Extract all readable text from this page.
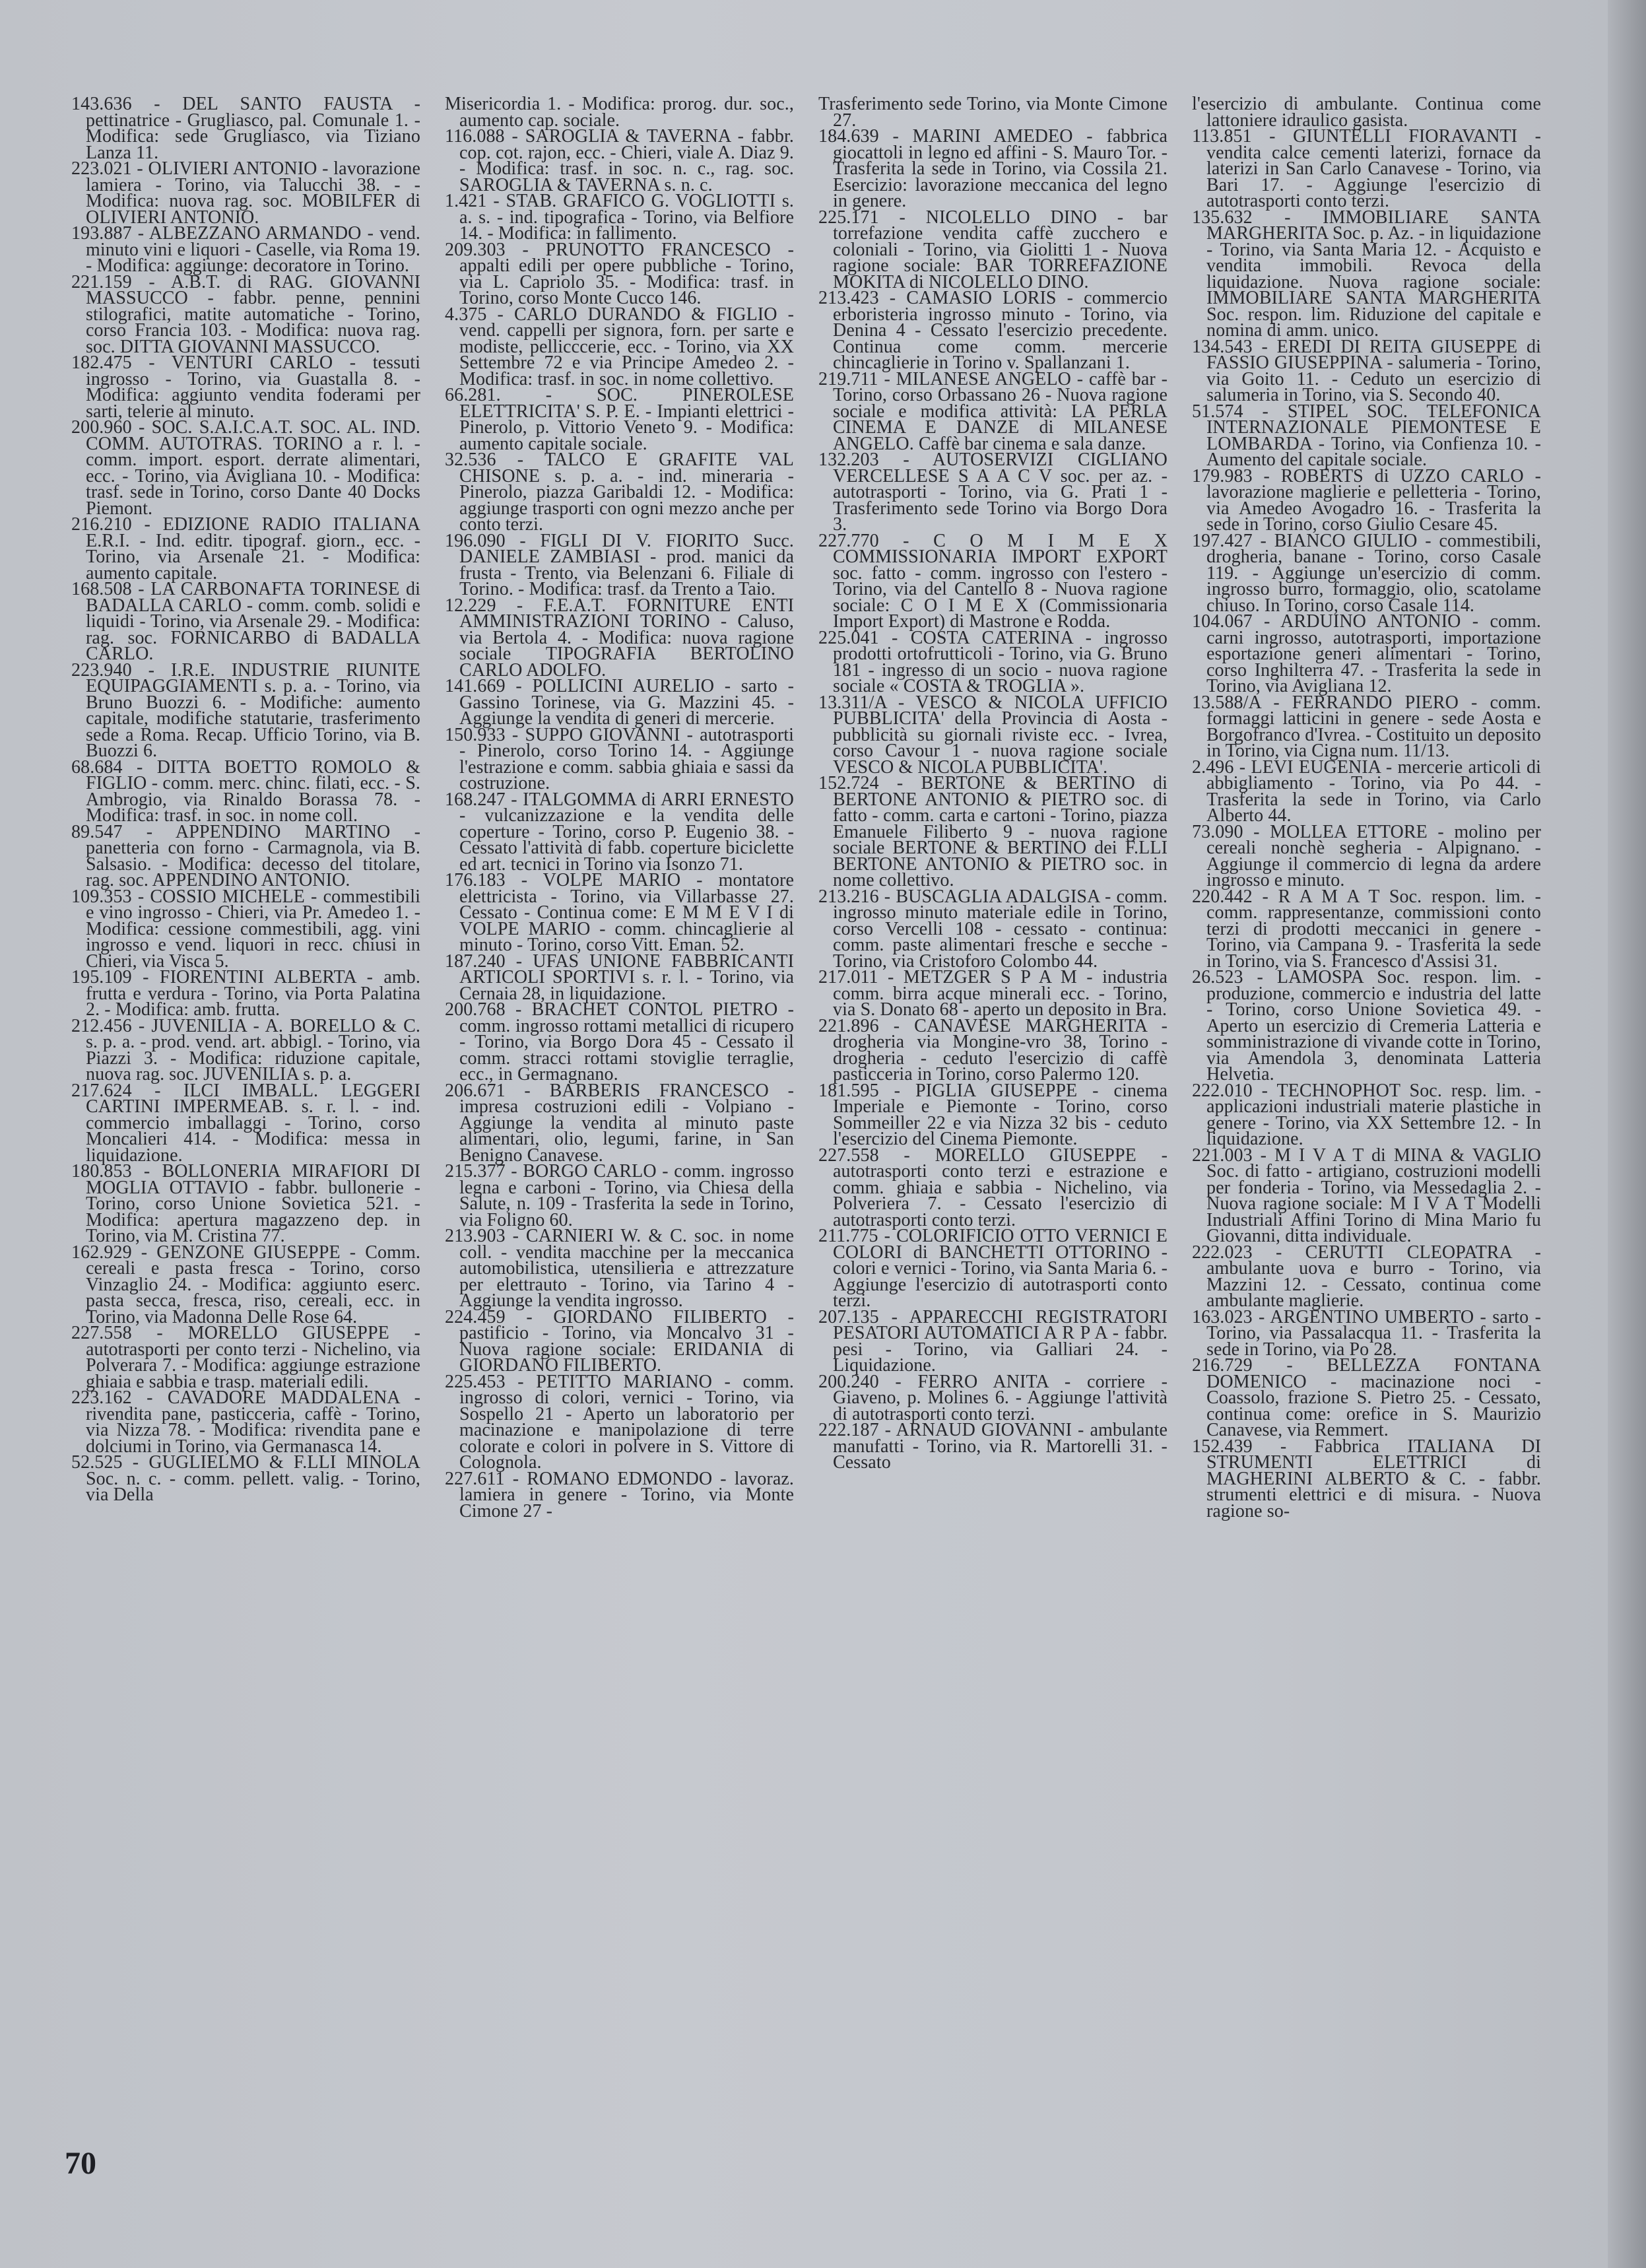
143.636 - DEL SANTO FAUSTA - pettinatrice - Grugliasco, pal. Comunale 1. - Modifica: sede Grugliasco, via Tiziano Lanza 11.

223.021 - OLIVIERI ANTONIO - lavorazione lamiera - Torino, via Talucchi 38. - - Modifica: nuova rag. soc. MOBILFER di OLIVIERI ANTONIO.

193.887 - ALBEZZANO ARMANDO - vend. minuto vini e liquori - Caselle, via Roma 19. - Modifica: aggiunge: decoratore in Torino.

221.159 - A.B.T. di RAG. GIOVANNI MASSUCCO - fabbr. penne, pennini stilografici, matite automatiche - Torino, corso Francia 103. - Modifica: nuova rag. soc. DITTA GIOVANNI MASSUCCO.

182.475 - VENTURI CARLO - tessuti ingrosso - Torino, via Guastalla 8. - Modifica: aggiunto vendita foderami per sarti, telerie al minuto.

200.960 - SOC. S.A.I.C.A.T. SOC. AL. IND. COMM. AUTOTRAS. TORINO a r. l. - comm. import. esport. derrate alimentari, ecc. - Torino, via Avigliana 10. - Modifica: trasf. sede in Torino, corso Dante 40 Docks Piemont.

216.210 - EDIZIONE RADIO ITALIANA E.R.I. - Ind. editr. tipograf. giorn., ecc. - Torino, via Arsenale 21. - Modifica: aumento capitale.

168.508 - LA CARBONAFTA TORINESE di BADALLA CARLO - comm. comb. solidi e liquidi - Torino, via Arsenale 29. - Modifica: rag. soc. FORNICARBO di BADALLA CARLO.

223.940 - I.R.E. INDUSTRIE RIUNITE EQUIPAGGIAMENTI s. p. a. - Torino, via Bruno Buozzi 6. - Modifiche: aumento capitale, modifiche statutarie, trasferimento sede a Roma. Recap. Ufficio Torino, via B. Buozzi 6.

68.684 - DITTA BOETTO ROMOLO & FIGLIO - comm. merc. chinc. filati, ecc. - S. Ambrogio, via Rinaldo Borassa 78. - Modifica: trasf. in soc. in nome coll.

89.547 - APPENDINO MARTINO - panetteria con forno - Carmagnola, via B. Salsasio. - Modifica: decesso del titolare, rag. soc. APPENDINO ANTONIO.

109.353 - COSSIO MICHELE - commestibili e vino ingrosso - Chieri, via Pr. Amedeo 1. - Modifica: cessione commestibili, agg. vini ingrosso e vend. liquori in recc. chiusi in Chieri, via Visca 5.

195.109 - FIORENTINI ALBERTA - amb. frutta e verdura - Torino, via Porta Palatina 2. - Modifica: amb. frutta.

212.456 - JUVENILIA - A. BORELLO & C. s. p. a. - prod. vend. art. abbigl. - Torino, via Piazzi 3. - Modifica: riduzione capitale, nuova rag. soc. JUVENILIA s. p. a.

217.624 - ILCI IMBALL. LEGGERI CARTINI IMPERMEAB. s. r. l. - ind. commercio imballaggi - Torino, corso Moncalieri 414. - Modifica: messa in liquidazione.

180.853 - BOLLONERIA MIRAFIORI DI MOGLIA OTTAVIO - fabbr. bullonerie - Torino, corso Unione Sovietica 521. - Modifica: apertura magazzeno dep. in Torino, via M. Cristina 77.

162.929 - GENZONE GIUSEPPE - Comm. cereali e pasta fresca - Torino, corso Vinzaglio 24. - Modifica: aggiunto eserc. pasta secca, fresca, riso, cereali, ecc. in Torino, via Madonna Delle Rose 64.

227.558 - MORELLO GIUSEPPE - autotrasporti per conto terzi - Nichelino, via Polverara 7. - Modifica: aggiunge estrazione ghiaia e sabbia e trasp. materiali edili.

223.162 - CAVADORE MADDALENA - rivendita pane, pasticceria, caffè - Torino, via Nizza 78. - Modifica: rivendita pane e dolciumi in Torino, via Germanasca 14.

52.525 - GUGLIELMO & F.LLI MINOLA Soc. n. c. - comm. pellett. valig. - Torino, via Della

Misericordia 1. - Modifica: prorog. dur. soc., aumento cap. sociale.

116.088 - SAROGLIA & TAVERNA - fabbr. cop. cot. rajon, ecc. - Chieri, viale A. Diaz 9. - Modifica: trasf. in soc. n. c., rag. soc. SAROGLIA & TAVERNA s. n. c.

1.421 - STAB. GRAFICO G. VOGLIOTTI s. a. s. - ind. tipografica - Torino, via Belfiore 14. - Modifica: in fallimento.

209.303 - PRUNOTTO FRANCESCO - appalti edili per opere pubbliche - Torino, via L. Capriolo 35. - Modifica: trasf. in Torino, corso Monte Cucco 146.

4.375 - CARLO DURANDO & FIGLIO - vend. cappelli per signora, forn. per sarte e modiste, pellicccerie, ecc. - Torino, via XX Settembre 72 e via Principe Amedeo 2. - Modifica: trasf. in soc. in nome collettivo.

66.281. - SOC. PINEROLESE ELETTRICITA' S. P. E. - Impianti elettrici - Pinerolo, p. Vittorio Veneto 9. - Modifica: aumento capitale sociale.

32.536 - TALCO E GRAFITE VAL CHISONE s. p. a. - ind. mineraria - Pinerolo, piazza Garibaldi 12. - Modifica: aggiunge trasporti con ogni mezzo anche per conto terzi.

196.090 - FIGLI DI V. FIORITO Succ. DANIELE ZAMBIASI - prod. manici da frusta - Trento, via Belenzani 6. Filiale di Torino. - Modifica: trasf. da Trento a Taio.

12.229 - F.E.A.T. FORNITURE ENTI AMMINISTRAZIONI TORINO - Caluso, via Bertola 4. - Modifica: nuova ragione sociale TIPOGRAFIA BERTOLINO CARLO ADOLFO.

141.669 - POLLICINI AURELIO - sarto - Gassino Torinese, via G. Mazzini 45. - Aggiunge la vendita di generi di mercerie.

150.933 - SUPPO GIOVANNI - autotrasporti - Pinerolo, corso Torino 14. - Aggiunge l'estrazione e comm. sabbia ghiaia e sassi da costruzione.

168.247 - ITALGOMMA di ARRI ERNESTO - vulcanizzazione e la vendita delle coperture - Torino, corso P. Eugenio 38. - Cessato l'attività di fabb. coperture biciclette ed art. tecnici in Torino via Isonzo 71.

176.183 - VOLPE MARIO - montatore elettricista - Torino, via Villarbasse 27. Cessato - Continua come: E M M E V I di VOLPE MARIO - comm. chincaglierie al minuto - Torino, corso Vitt. Eman. 52.

187.240 - UFAS UNIONE FABBRICANTI ARTICOLI SPORTIVI s. r. l. - Torino, via Cernaia 28, in liquidazione.

200.768 - BRACHET CONTOL PIETRO - comm. ingrosso rottami metallici di ricupero - Torino, via Borgo Dora 45 - Cessato il comm. stracci rottami stoviglie terraglie, ecc., in Germagnano.

206.671 - BARBERIS FRANCESCO - impresa costruzioni edili - Volpiano - Aggiunge la vendita al minuto paste alimentari, olio, legumi, farine, in San Benigno Canavese.

215.377 - BORGO CARLO - comm. ingrosso legna e carboni - Torino, via Chiesa della Salute, n. 109 - Trasferita la sede in Torino, via Foligno 60.

213.903 - CARNIERI W. & C. soc. in nome coll. - vendita macchine per la meccanica automobilistica, utensilieria e attrezzature per elettrauto - Torino, via Tarino 4 - Aggiunge la vendita ingrosso.

224.459 - GIORDANO FILIBERTO - pastificio - Torino, via Moncalvo 31 - Nuova ragione sociale: ERIDANIA di GIORDANO FILIBERTO.

225.453 - PETITTO MARIANO - comm. ingrosso di colori, vernici - Torino, via Sospello 21 - Aperto un laboratorio per macinazione e manipolazione di terre colorate e colori in polvere in S. Vittore di Colognola.

227.611 - ROMANO EDMONDO - lavoraz. lamiera in genere - Torino, via Monte Cimone 27 -

Trasferimento sede Torino, via Monte Cimone 27.

184.639 - MARINI AMEDEO - fabbrica giocattoli in legno ed affini - S. Mauro Tor. - Trasferita la sede in Torino, via Cossila 21. Esercizio: lavorazione meccanica del legno in genere.

225.171 - NICOLELLO DINO - bar torrefazione vendita caffè zucchero e coloniali - Torino, via Giolitti 1 - Nuova ragione sociale: BAR TORREFAZIONE MOKITA di NICOLELLO DINO.

213.423 - CAMASIO LORIS - commercio erboristeria ingrosso minuto - Torino, via Denina 4 - Cessato l'esercizio precedente. Continua come comm. mercerie chincaglierie in Torino v. Spallanzani 1.

219.711 - MILANESE ANGELO - caffè bar - Torino, corso Orbassano 26 - Nuova ragione sociale e modifica attività: LA PERLA CINEMA E DANZE di MILANESE ANGELO. Caffè bar cinema e sala danze.

132.203 - AUTOSERVIZI CIGLIANO VERCELLESE S A A C V soc. per az. - autotrasporti - Torino, via G. Prati 1 - Trasferimento sede Torino via Borgo Dora 3.

227.770 - C O M I M E X COMMISSIONARIA IMPORT EXPORT soc. fatto - comm. ingrosso con l'estero - Torino, via del Cantello 8 - Nuova ragione sociale: C O I M E X (Commissionaria Import Export) di Mastrone e Rodda.

225.041 - COSTA CATERINA - ingrosso prodotti ortofrutticoli - Torino, via G. Bruno 181 - ingresso di un socio - nuova ragione sociale « COSTA & TROGLIA ».

13.311/A - VESCO & NICOLA UFFICIO PUBBLICITA' della Provincia di Aosta - pubblicità su giornali riviste ecc. - Ivrea, corso Cavour 1 - nuova ragione sociale VESCO & NICOLA PUBBLICITA'.

152.724 - BERTONE & BERTINO di BERTONE ANTONIO & PIETRO soc. di fatto - comm. carta e cartoni - Torino, piazza Emanuele Filiberto 9 - nuova ragione sociale BERTONE & BERTINO dei F.LLI BERTONE ANTONIO & PIETRO soc. in nome collettivo.

213.216 - BUSCAGLIA ADALGISA - comm. ingrosso minuto materiale edile in Torino, corso Vercelli 108 - cessato - continua: comm. paste alimentari fresche e secche - Torino, via Cristoforo Colombo 44.

217.011 - METZGER S P A M - industria comm. birra acque minerali ecc. - Torino, via S. Donato 68 - aperto un deposito in Bra.

221.896 - CANAVESE MARGHERITA - drogheria via Mongine-vro 38, Torino - drogheria - ceduto l'esercizio di caffè pasticceria in Torino, corso Palermo 120.

181.595 - PIGLIA GIUSEPPE - cinema Imperiale e Piemonte - Torino, corso Sommeiller 22 e via Nizza 32 bis - ceduto l'esercizio del Cinema Piemonte.

227.558 - MORELLO GIUSEPPE - autotrasporti conto terzi e estrazione e comm. ghiaia e sabbia - Nichelino, via Polveriera 7. - Cessato l'esercizio di autotrasporti conto terzi.

211.775 - COLORIFICIO OTTO VERNICI E COLORI di BANCHETTI OTTORINO - colori e vernici - Torino, via Santa Maria 6. - Aggiunge l'esercizio di autotrasporti conto terzi.

207.135 - APPARECCHI REGISTRATORI PESATORI AUTOMATICI A R P A - fabbr. pesi - Torino, via Galliari 24. - Liquidazione.

200.240 - FERRO ANITA - corriere - Giaveno, p. Molines 6. - Aggiunge l'attività di autotrasporti conto terzi.

222.187 - ARNAUD GIOVANNI - ambulante manufatti - Torino, via R. Martorelli 31. - Cessato

l'esercizio di ambulante. Continua come lattoniere idraulico gasista.

113.851 - GIUNTELLI FIORAVANTI - vendita calce cementi laterizi, fornace da laterizi in San Carlo Canavese - Torino, via Bari 17. - Aggiunge l'esercizio di autotrasporti conto terzi.

135.632 - IMMOBILIARE SANTA MARGHERITA Soc. p. Az. - in liquidazione - Torino, via Santa Maria 12. - Acquisto e vendita immobili. Revoca della liquidazione. Nuova ragione sociale: IMMOBILIARE SANTA MARGHERITA Soc. respon. lim. Riduzione del capitale e nomina di amm. unico.

134.543 - EREDI DI REITA GIUSEPPE di FASSIO GIUSEPPINA - salumeria - Torino, via Goito 11. - Ceduto un esercizio di salumeria in Torino, via S. Secondo 40.

51.574 - STIPEL SOC. TELEFONICA INTERNAZIONALE PIEMONTESE E LOMBARDA - Torino, via Confienza 10. - Aumento del capitale sociale.

179.983 - ROBERTS di UZZO CARLO - lavorazione maglierie e pelletteria - Torino, via Amedeo Avogadro 16. - Trasferita la sede in Torino, corso Giulio Cesare 45.

197.427 - BIANCO GIULIO - commestibili, drogheria, banane - Torino, corso Casale 119. - Aggiunge un'esercizio di comm. ingrosso burro, formaggio, olio, scatolame chiuso. In Torino, corso Casale 114.

104.067 - ARDUINO ANTONIO - comm. carni ingrosso, autotrasporti, importazione esportazione generi alimentari - Torino, corso Inghilterra 47. - Trasferita la sede in Torino, via Avigliana 12.

13.588/A - FERRANDO PIERO - comm. formaggi latticini in genere - sede Aosta e Borgofranco d'Ivrea. - Costituito un deposito in Torino, via Cigna num. 11/13.

2.496 - LEVI EUGENIA - mercerie articoli di abbigliamento - Torino, via Po 44. - Trasferita la sede in Torino, via Carlo Alberto 44.

73.090 - MOLLEA ETTORE - molino per cereali nonchè segheria - Alpignano. - Aggiunge il commercio di legna da ardere ingrosso e minuto.

220.442 - R A M A T Soc. respon. lim. - comm. rappresentanze, commissioni conto terzi di prodotti meccanici in genere - Torino, via Campana 9. - Trasferita la sede in Torino, via S. Francesco d'Assisi 31.

26.523 - LAMOSPA Soc. respon. lim. - produzione, commercio e industria del latte - Torino, corso Unione Sovietica 49. - Aperto un esercizio di Cremeria Latteria e somministrazione di vivande cotte in Torino, via Amendola 3, denominata Latteria Helvetia.

222.010 - TECHNOPHOT Soc. resp. lim. - applicazioni industriali materie plastiche in genere - Torino, via XX Settembre 12. - In liquidazione.

221.003 - M I V A T di MINA & VAGLIO Soc. di fatto - artigiano, costruzioni modelli per fonderia - Torino, via Messedaglia 2. - Nuova ragione sociale: M I V A T Modelli Industriali Affini Torino di Mina Mario fu Giovanni, ditta individuale.

222.023 - CERUTTI CLEOPATRA - ambulante uova e burro - Torino, via Mazzini 12. - Cessato, continua come ambulante maglierie.

163.023 - ARGENTINO UMBERTO - sarto - Torino, via Passalacqua 11. - Trasferita la sede in Torino, via Po 28.

216.729 - BELLEZZA FONTANA DOMENICO - macinazione noci - Coassolo, frazione S. Pietro 25. - Cessato, continua come: orefice in S. Maurizio Canavese, via Remmert.

152.439 - Fabbrica ITALIANA DI STRUMENTI ELETTRICI di MAGHERINI ALBERTO & C. - fabbr. strumenti elettrici e di misura. - Nuova ragione so-

70
